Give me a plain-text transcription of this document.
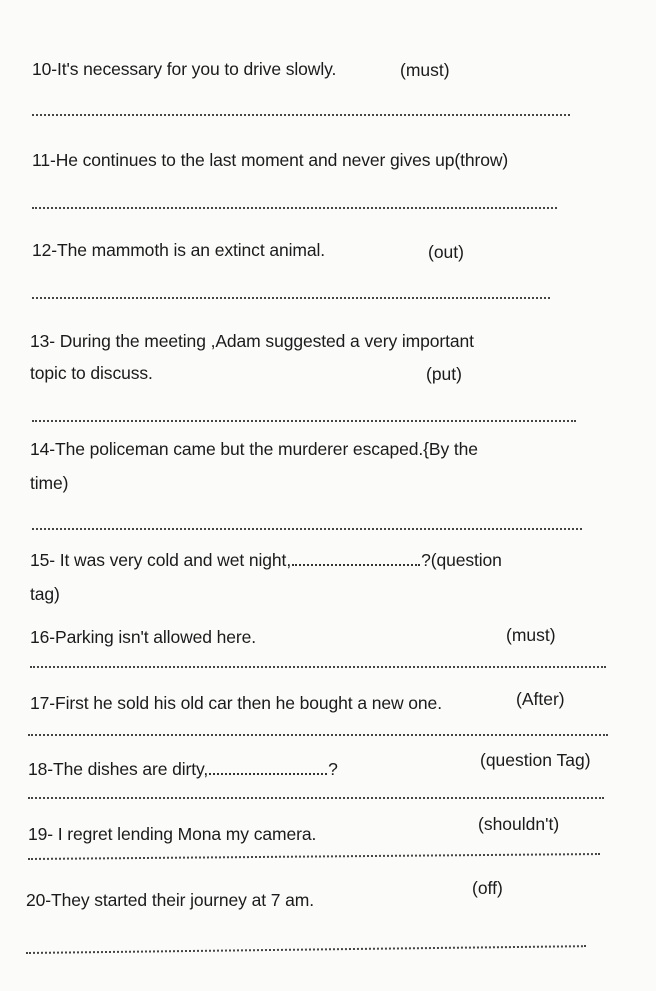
10-It's necessary for you to drive slowly.	(must)
11-He continues to the last moment and never gives up(throw)
12-The mammoth is an extinct animal.	(out)
13- During the meeting ,Adam suggested a very important
topic to discuss.	(put)
14-The policeman came but the murderer escaped.{By the
time)
15- It was very cold and wet night,	?(question
tag)
16-Parking isn't allowed here.	(must)
17-First he sold his old car then he bought a new one.	(After)
18-The dishes are dirty,	?	(question Tag)
19- I regret lending Mona my camera.	(shouldn't)
20-They started their journey at 7 am.
(off)
